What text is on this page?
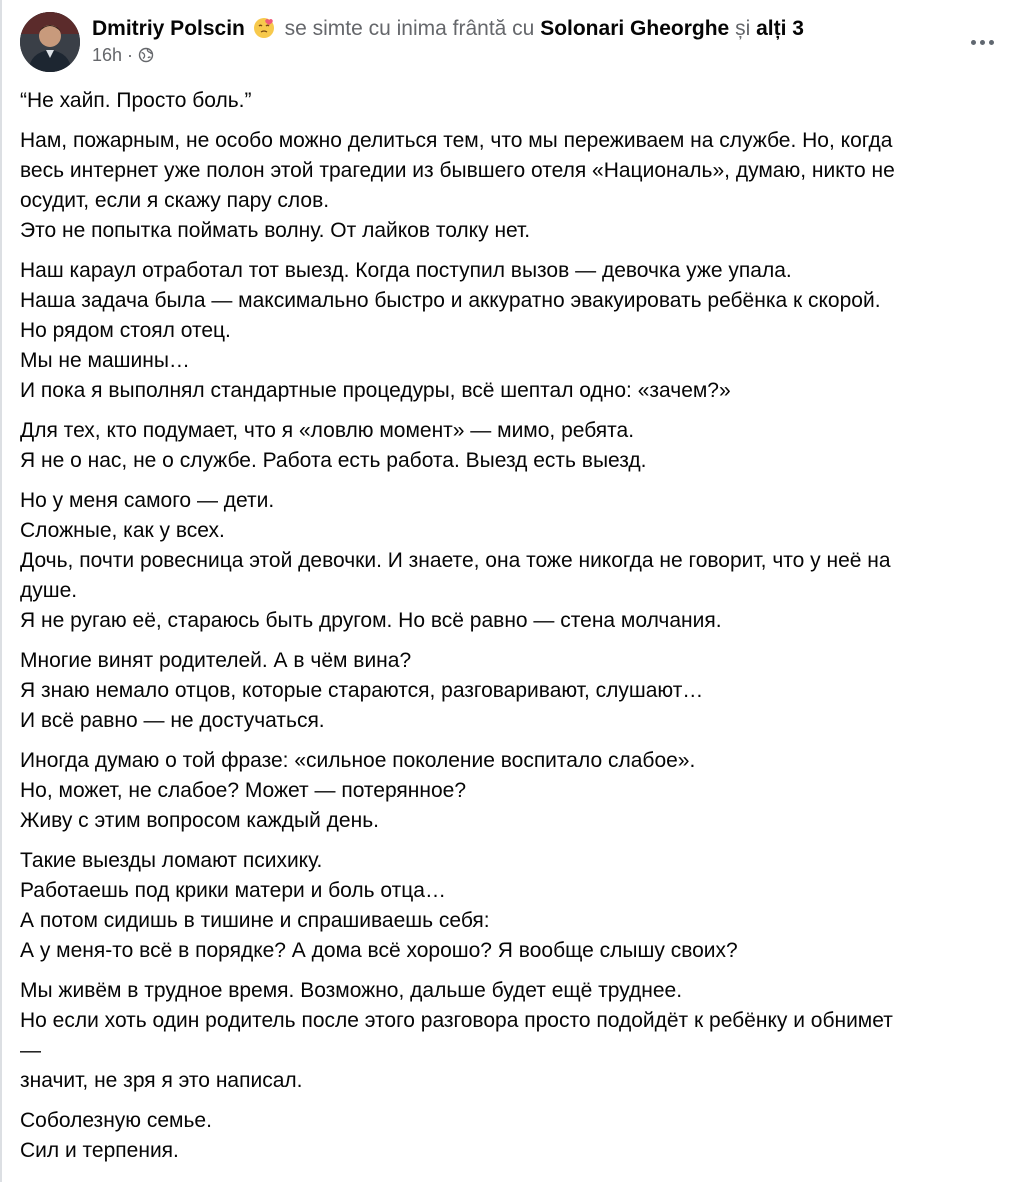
Dmitriy Polscin se simte cu inima frântă cu Solonari Gheorghe și alți 3
16h ·
“Не хайп. Просто боль.”
Нам, пожарным, не особо можно делиться тем, что мы переживаем на службе. Но, когда
весь интернет уже полон этой трагедии из бывшего отеля «Националь», думаю, никто не
осудит, если я скажу пару слов.
Это не попытка поймать волну. От лайков толку нет.
Наш караул отработал тот выезд. Когда поступил вызов — девочка уже упала.
Наша задача была — максимально быстро и аккуратно эвакуировать ребёнка к скорой.
Но рядом стоял отец.
Мы не машины…
И пока я выполнял стандартные процедуры, всё шептал одно: «зачем?»
Для тех, кто подумает, что я «ловлю момент» — мимо, ребята.
Я не о нас, не о службе. Работа есть работа. Выезд есть выезд.
Но у меня самого — дети.
Сложные, как у всех.
Дочь, почти ровесница этой девочки. И знаете, она тоже никогда не говорит, что у неё на
душе.
Я не ругаю её, стараюсь быть другом. Но всё равно — стена молчания.
Многие винят родителей. А в чём вина?
Я знаю немало отцов, которые стараются, разговаривают, слушают…
И всё равно — не достучаться.
Иногда думаю о той фразе: «сильное поколение воспитало слабое».
Но, может, не слабое? Может — потерянное?
Живу с этим вопросом каждый день.
Такие выезды ломают психику.
Работаешь под крики матери и боль отца…
А потом сидишь в тишине и спрашиваешь себя:
А у меня-то всё в порядке? А дома всё хорошо? Я вообще слышу своих?
Мы живём в трудное время. Возможно, дальше будет ещё труднее.
Но если хоть один родитель после этого разговора просто подойдёт к ребёнку и обнимет
—
значит, не зря я это написал.
Соболезную семье.
Сил и терпения.
